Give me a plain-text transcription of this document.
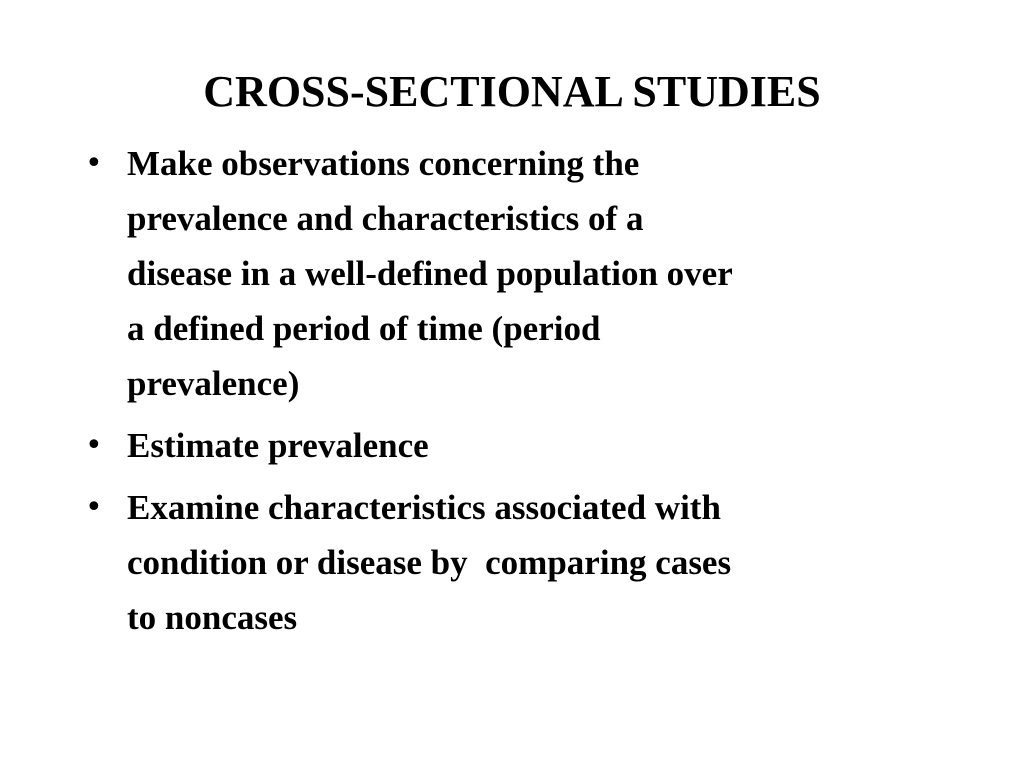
CROSS-SECTIONAL STUDIES
• Make observations concerning the
prevalence and characteristics of a
disease in a well-defined population over
a defined period of time (period
prevalence)
• Estimate prevalence
• Examine characteristics associated with
condition or disease by  comparing cases
to noncases
